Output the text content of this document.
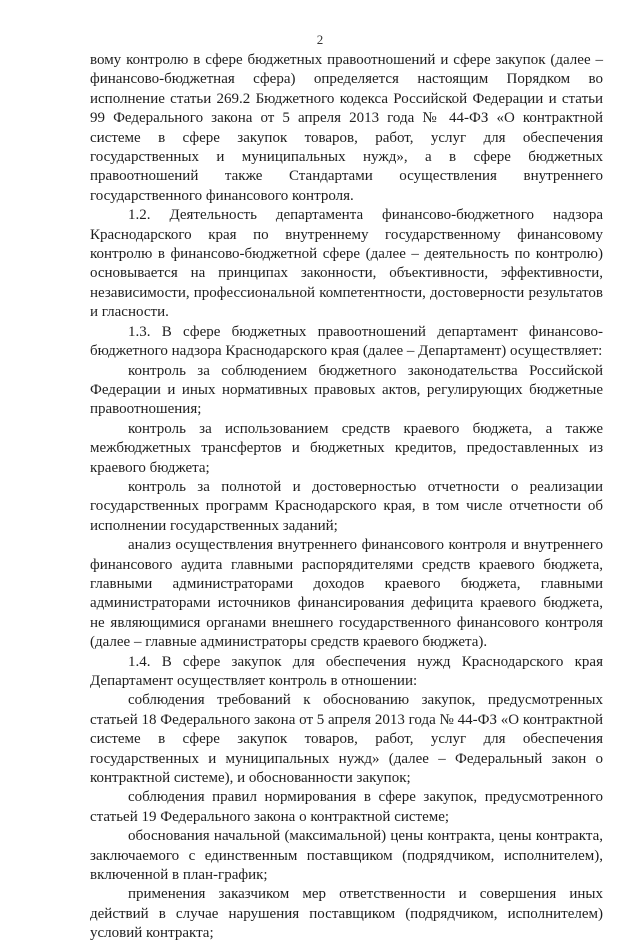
2

вому контролю в сфере бюджетных правоотношений и сфере закупок (далее – финансово-бюджетная сфера) определяется настоящим Порядком во исполнение статьи 269.2 Бюджетного кодекса Российской Федерации и статьи 99 Федерального закона от 5 апреля 2013 года № 44-ФЗ «О контрактной системе в сфере закупок товаров, работ, услуг для обеспечения государственных и муниципальных нужд», а в сфере бюджетных правоотношений также Стандартами осуществления внутреннего государственного финансового контроля.

1.2. Деятельность департамента финансово-бюджетного надзора Краснодарского края по внутреннему государственному финансовому контролю в финансово-бюджетной сфере (далее – деятельность по контролю) основывается на принципах законности, объективности, эффективности, независимости, профессиональной компетентности, достоверности результатов и гласности.

1.3. В сфере бюджетных правоотношений департамент финансово-бюджетного надзора Краснодарского края (далее – Департамент) осуществляет:

контроль за соблюдением бюджетного законодательства Российской Федерации и иных нормативных правовых актов, регулирующих бюджетные правоотношения;

контроль за использованием средств краевого бюджета, а также межбюджетных трансфертов и бюджетных кредитов, предоставленных из краевого бюджета;

контроль за полнотой и достоверностью отчетности о реализации государственных программ Краснодарского края, в том числе отчетности об исполнении государственных заданий;

анализ осуществления внутреннего финансового контроля и внутреннего финансового аудита главными распорядителями средств краевого бюджета, главными администраторами доходов краевого бюджета, главными администраторами источников финансирования дефицита краевого бюджета, не являющимися органами внешнего государственного финансового контроля (далее – главные администраторы средств краевого бюджета).

1.4. В сфере закупок для обеспечения нужд Краснодарского края Департамент осуществляет контроль в отношении:

соблюдения требований к обоснованию закупок, предусмотренных статьей 18 Федерального закона от 5 апреля 2013 года № 44-ФЗ «О контрактной системе в сфере закупок товаров, работ, услуг для обеспечения государственных и муниципальных нужд» (далее – Федеральный закон о контрактной системе), и обоснованности закупок;

соблюдения правил нормирования в сфере закупок, предусмотренного статьей 19 Федерального закона о контрактной системе;

обоснования начальной (максимальной) цены контракта, цены контракта, заключаемого с единственным поставщиком (подрядчиком, исполнителем), включенной в план-график;

применения заказчиком мер ответственности и совершения иных действий в случае нарушения поставщиком (подрядчиком, исполнителем) условий контракта;
